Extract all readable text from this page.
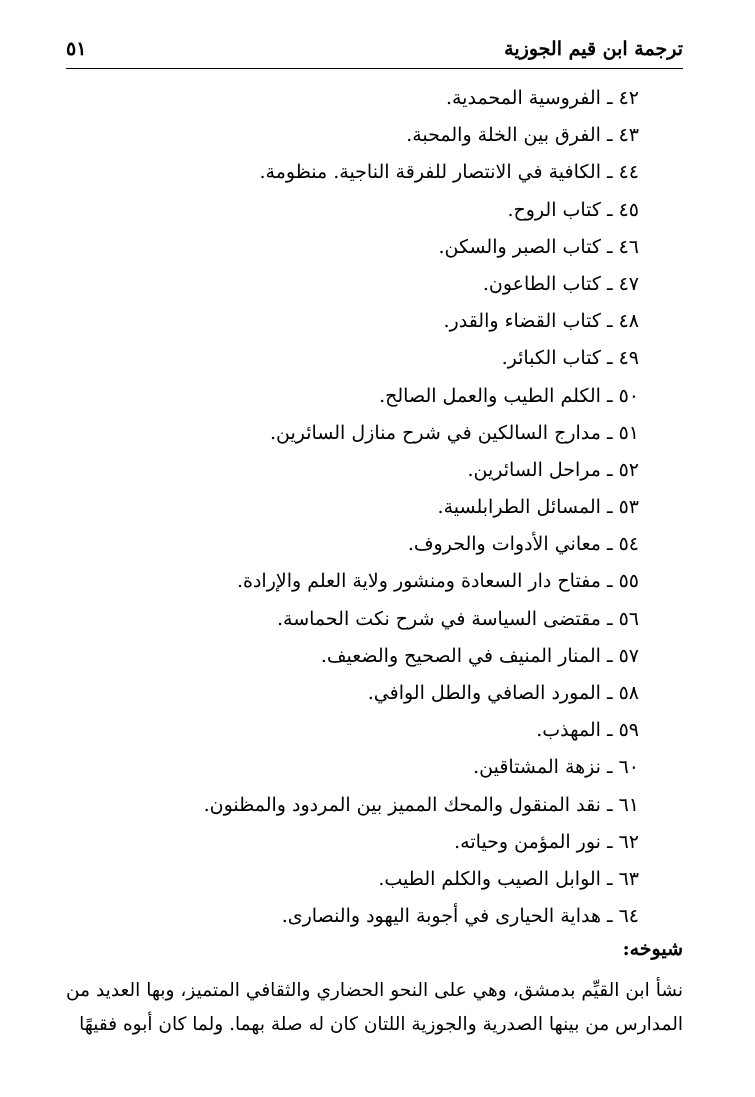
ترجمة ابن قيم الجوزية
٥١
٤٢ ـالفروسية المحمدية.
٤٣ ـالفرق بين الخلة والمحبة.
٤٤ ـالكافية في الانتصار للفرقة الناجية. منظومة.
٤٥ ـكتاب الروح.
٤٦ ـكتاب الصبر والسكن.
٤٧ ـكتاب الطاعون.
٤٨ ـكتاب القضاء والقدر.
٤٩ ـكتاب الكبائر.
٥٠ ـالكلم الطيب والعمل الصالح.
٥١ ـمدارج السالكين في شرح منازل السائرين.
٥٢ ـمراحل السائرين.
٥٣ ـالمسائل الطرابلسية.
٥٤ ـمعاني الأدوات والحروف.
٥٥ ـمفتاح دار السعادة ومنشور ولاية العلم والإرادة.
٥٦ ـمقتضى السياسة في شرح نكت الحماسة.
٥٧ ـالمنار المنيف في الصحيح والضعيف.
٥٨ ـالمورد الصافي والطل الوافي.
٥٩ ـالمهذب.
٦٠ ـنزهة المشتاقين.
٦١ ـنقد المنقول والمحك المميز بين المردود والمظنون.
٦٢ ـنور المؤمن وحياته.
٦٣ ـالوابل الصيب والكلم الطيب.
٦٤ ـهداية الحيارى في أجوبة اليهود والنصارى.
شيوخه:

نشأ ابن القيِّم بدمشق، وهي على النحو الحضاري والثقافي المتميز، وبها العديد من المدارس من بينها الصدرية والجوزية اللتان كان له صلة بهما. ولما كان أبوه فقيهًا
